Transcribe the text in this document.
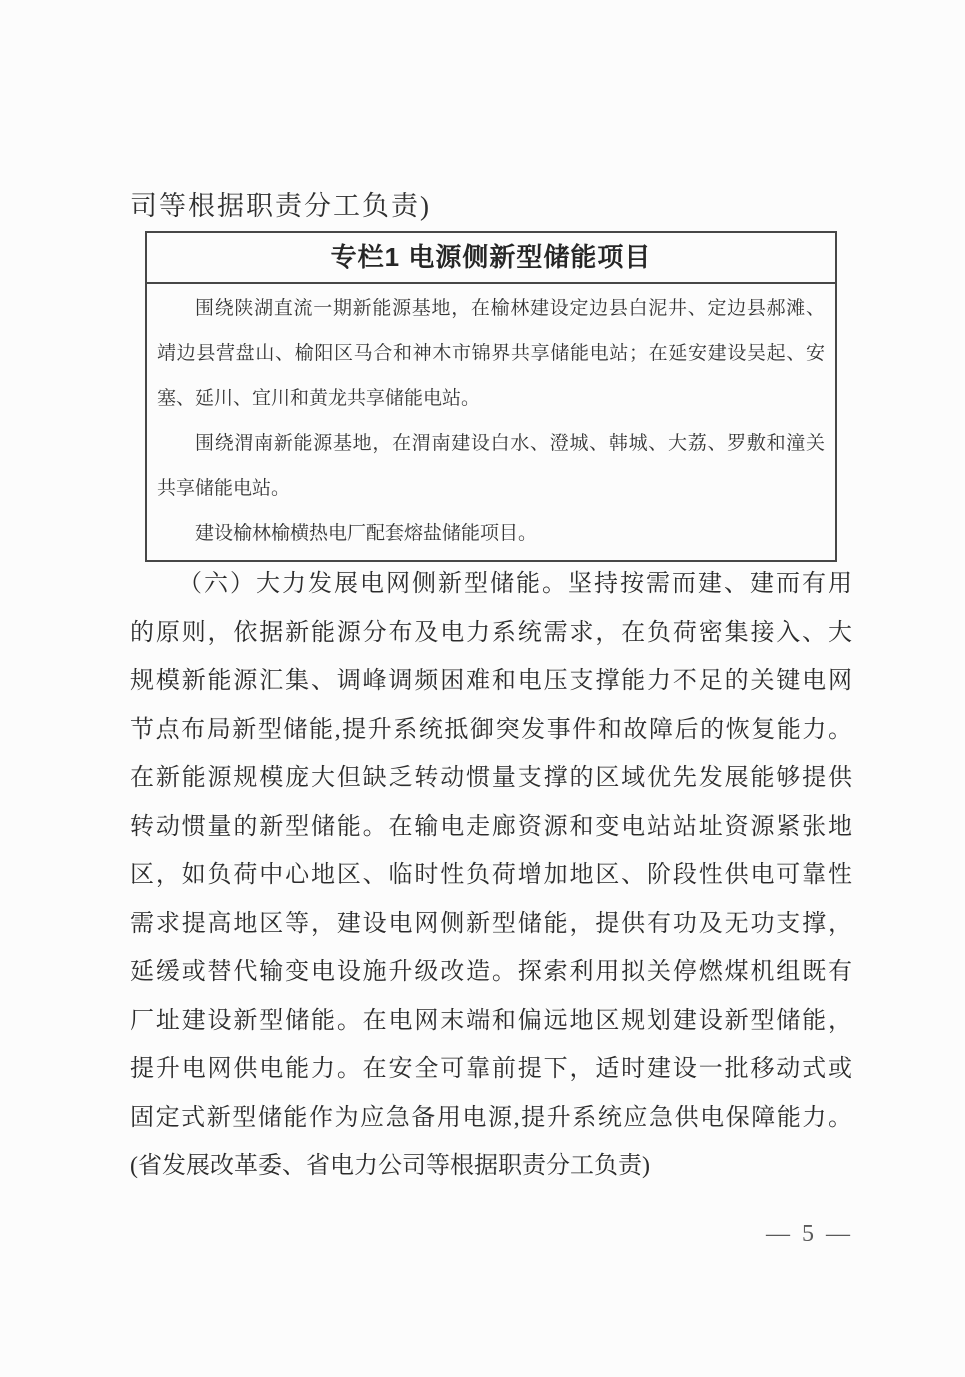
司等根据职责分工负责)
专栏1 电源侧新型储能项目
围绕陕湖直流一期新能源基地，在榆林建设定边县白泥井、定边县郝滩、
靖边县营盘山、榆阳区马合和神木市锦界共享储能电站；在延安建设吴起、安
塞、延川、宜川和黄龙共享储能电站。
围绕渭南新能源基地，在渭南建设白水、澄城、韩城、大荔、罗敷和潼关
共享储能电站。
建设榆林榆横热电厂配套熔盐储能项目。
（六）大力发展电网侧新型储能。坚持按需而建、建而有用
的原则，依据新能源分布及电力系统需求，在负荷密集接入、大
规模新能源汇集、调峰调频困难和电压支撑能力不足的关键电网
节点布局新型储能,提升系统抵御突发事件和故障后的恢复能力。
在新能源规模庞大但缺乏转动惯量支撑的区域优先发展能够提供
转动惯量的新型储能。在输电走廊资源和变电站站址资源紧张地
区，如负荷中心地区、临时性负荷增加地区、阶段性供电可靠性
需求提高地区等，建设电网侧新型储能，提供有功及无功支撑，
延缓或替代输变电设施升级改造。探索利用拟关停燃煤机组既有
厂址建设新型储能。在电网末端和偏远地区规划建设新型储能，
提升电网供电能力。在安全可靠前提下，适时建设一批移动式或
固定式新型储能作为应急备用电源,提升系统应急供电保障能力。
(省发展改革委、省电力公司等根据职责分工负责)
— 5 —
